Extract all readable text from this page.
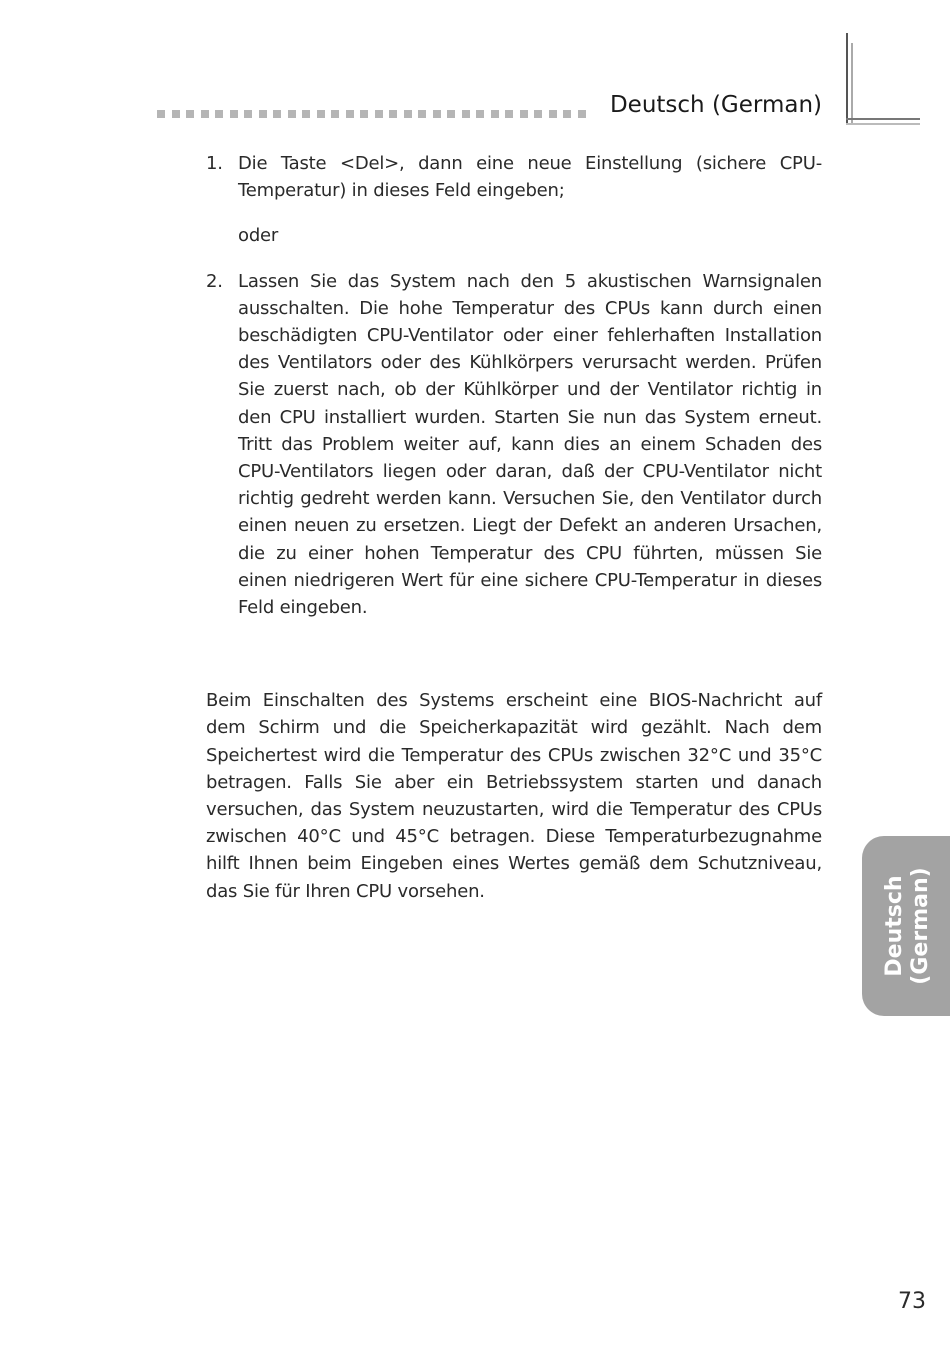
Deutsch (German)
1. Die Taste <Del>, dann eine neue Einstellung (sichere CPU-Temperatur) in dieses Feld eingeben;
oder
2. Lassen Sie das System nach den 5 akustischen Warnsignalen ausschalten. Die hohe Temperatur des CPUs kann durch einen beschädigten CPU-Ventilator oder einer fehlerhaften Installation des Ventilators oder des Kühlkörpers verursacht werden. Prüfen Sie zuerst nach, ob der Kühlkörper und der Ventilator richtig in den CPU installiert wurden. Starten Sie nun das System erneut. Tritt das Problem weiter auf, kann dies an einem Schaden des CPU-Ventilators liegen oder daran, daß der CPU-Ventilator nicht richtig gedreht werden kann. Versuchen Sie, den Ventilator durch einen neuen zu ersetzen. Liegt der Defekt an anderen Ursachen, die zu einer hohen Temperatur des CPU führten, müssen Sie einen niedrigeren Wert für eine sichere CPU-Temperatur in dieses Feld eingeben.
Beim Einschalten des Systems erscheint eine BIOS-Nachricht auf dem Schirm und die Speicherkapazität wird gezählt. Nach dem Speichertest wird die Temperatur des CPUs zwischen 32°C und 35°C betragen. Falls Sie aber ein Betriebssystem starten und danach versuchen, das System neuzustarten, wird die Temperatur des CPUs zwischen 40°C und 45°C betragen. Diese Temperaturbezugnahme hilft Ihnen beim Eingeben eines Wertes gemäß dem Schutzniveau, das Sie für Ihren CPU vorsehen.	Deutsch (German)
73
